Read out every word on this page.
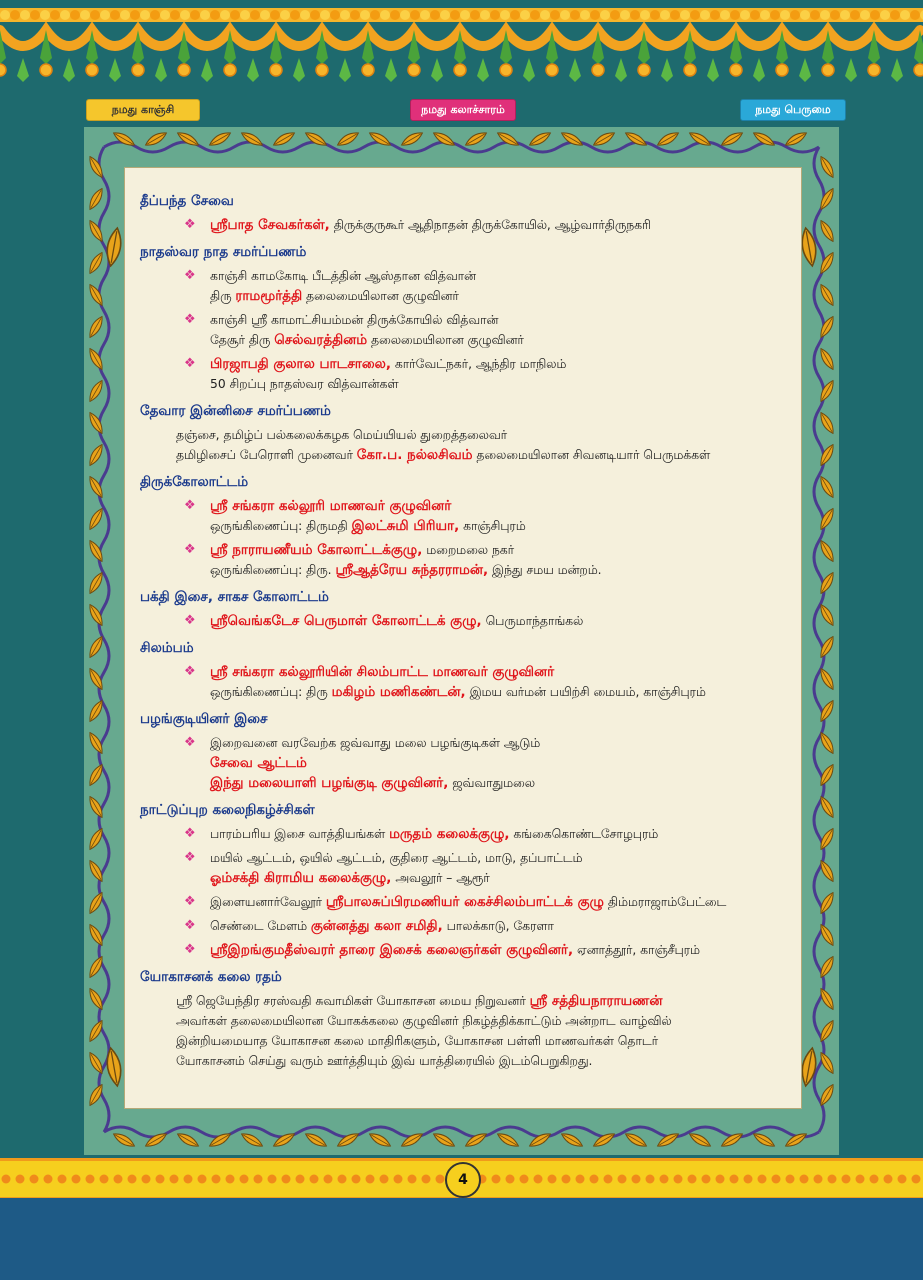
நமது காஞ்சி	நமது கலாச்சாரம்	நமது பெருமை
தீப்பந்த சேவை
❖ ஸ்ரீபாத சேவகர்கள், திருக்குருகூர் ஆதிநாதன் திருக்கோயில், ஆழ்வார்திருநகரி
நாதஸ்வர நாத சமர்ப்பணம்
❖ காஞ்சி காமகோடி பீடத்தின் ஆஸ்தான வித்வான்
திரு ராமமூர்த்தி தலைமையிலான குழுவினர்
❖ காஞ்சி ஸ்ரீ காமாட்சியம்மன் திருக்கோயில் வித்வான்
தேசூர் திரு செல்வரத்தினம் தலைமையிலான குழுவினர்
❖ பிரஜாபதி குலால பாடசாலை, கார்வேட்நகர், ஆந்திர மாநிலம்
50 சிறப்பு நாதஸ்வர வித்வான்கள்
தேவார இன்னிசை சமர்ப்பணம்
தஞ்சை, தமிழ்ப் பல்கலைக்கழக மெய்யியல் துறைத்தலைவர்
தமிழிசைப் பேரொளி முனைவர் கோ.ப. நல்லசிவம் தலைமையிலான சிவனடியார் பெருமக்கள்
திருக்கோலாட்டம்
❖ ஸ்ரீ சங்கரா கல்லூரி மாணவர் குழுவினர்
ஒருங்கிணைப்பு: திருமதி இலட்சுமி பிரியா, காஞ்சிபுரம்
❖ ஸ்ரீ நாராயணீயம் கோலாட்டக்குழு, மறைமலை நகர்
ஒருங்கிணைப்பு: திரு. ஸ்ரீஆத்ரேய சுந்தரராமன், இந்து சமய மன்றம்.
பக்தி இசை, சாகச கோலாட்டம்
❖ ஸ்ரீவெங்கடேச பெருமாள் கோலாட்டக் குழு, பெருமாந்தாங்கல்
சிலம்பம்
❖ ஸ்ரீ சங்கரா கல்லூரியின் சிலம்பாட்ட மாணவர் குழுவினர்
ஒருங்கிணைப்பு: திரு மகிழம் மணிகண்டன், இமய வர்மன் பயிற்சி மையம், காஞ்சிபுரம்
பழங்குடியினர் இசை
❖ இறைவனை வரவேற்க ஜவ்வாது மலை பழங்குடிகள் ஆடும்
சேவை ஆட்டம்
இந்து மலையாளி பழங்குடி குழுவினர், ஜவ்வாதுமலை
நாட்டுப்புற கலைநிகழ்ச்சிகள்
❖ பாரம்பரிய இசை வாத்தியங்கள் மருதம் கலைக்குழு, கங்கைகொண்டசோழபுரம்
❖ மயில் ஆட்டம், ஒயில் ஆட்டம், குதிரை ஆட்டம், மாடு, தப்பாட்டம்
ஓம்சக்தி கிராமிய கலைக்குழு, அவலூர் – ஆரூர்
❖ இளையனார்வேலூர் ஸ்ரீபாலசுப்பிரமணியர் கைச்சிலம்பாட்டக் குழு திம்மராஜாம்பேட்டை
❖ செண்டை மேளம் குன்னத்து கலா சமிதி, பாலக்காடு, கேரளா
❖ ஸ்ரீஇறங்குமதீஸ்வரர் தாரை இசைக் கலைஞர்கள் குழுவினர், ஏனாத்தூர், காஞ்சீபுரம்
யோகாசனக் கலை ரதம்
ஸ்ரீ ஜெயேந்திர சரஸ்வதி சுவாமிகள் யோகாசன மைய நிறுவனர் ஸ்ரீ சத்தியநாராயணன்
அவர்கள் தலைமையிலான யோகக்கலை குழுவினர் நிகழ்த்திக்காட்டும் அன்றாட வாழ்வில்
இன்றியமையாத யோகாசன கலை மாதிரிகளும், யோகாசன பள்ளி மாணவர்கள் தொடர்
யோகாசனம் செய்து வரும் ஊர்த்தியும் இவ் யாத்திரையில் இடம்பெறுகிறது.
4
